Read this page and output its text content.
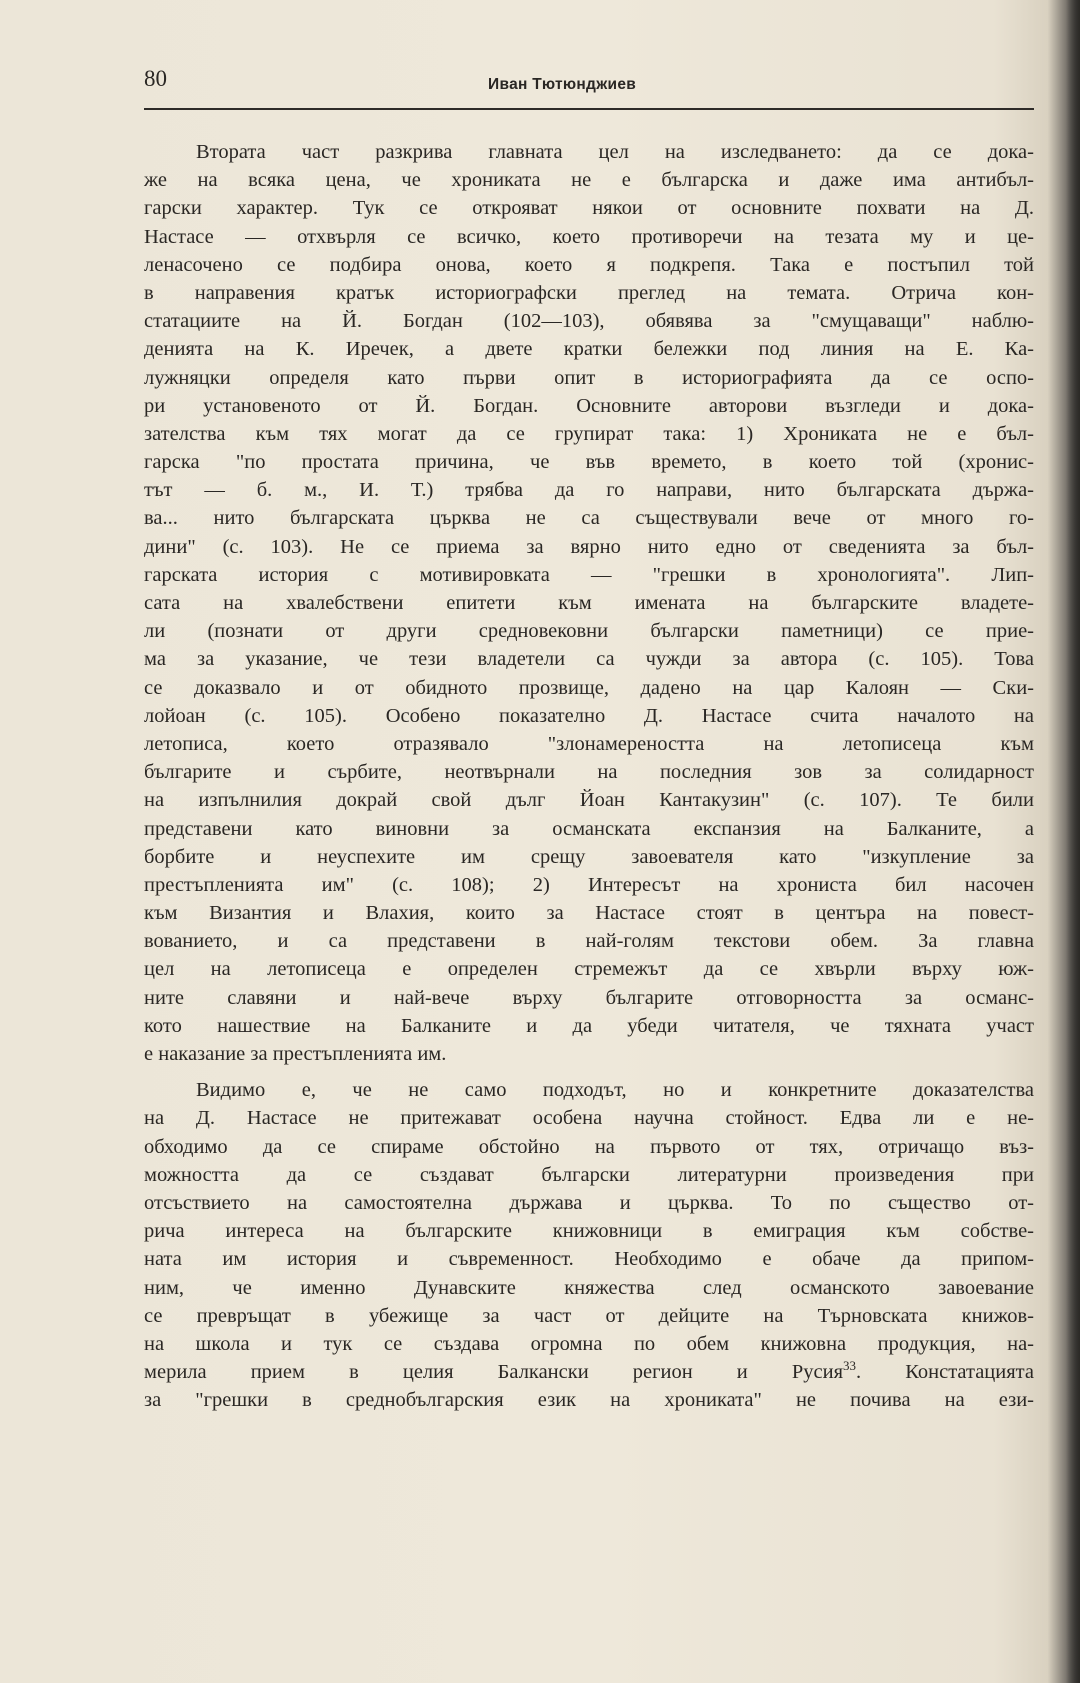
80	Иван Тютюнджиев
Втората част разкрива главната цел на изследването: да се дока-
же на всяка цена, че хрониката не е българска и даже има антибъл-
гарски характер. Тук се открояват някои от основните похвати на Д.
Настасе — отхвърля се всичко, което противоречи на тезата му и це-
ленасочено се подбира онова, което я подкрепя. Така е постъпил той
в направения кратък историографски преглед на темата. Отрича кон-
статациите на Й. Богдан (102—103), обявява за "смущаващи" наблю-
денията на К. Иречек, а двете кратки бележки под линия на Е. Ка-
лужняцки определя като първи опит в историографията да се оспо-
ри установеното от Й. Богдан. Основните авторови възгледи и дока-
зателства към тях могат да се групират така: 1) Хрониката не е бъл-
гарска "по простата причина, че във времето, в което той (хронис-
тът — б. м., И. Т.) трябва да го направи, нито българската държа-
ва... нито българската църква не са съществували вече от много го-
дини" (с. 103). Не се приема за вярно нито едно от сведенията за бъл-
гарската история с мотивировката — "грешки в хронологията". Лип-
сата на хвалебствени епитети към имената на българските владете-
ли (познати от други средновековни български паметници) се прие-
ма за указание, че тези владетели са чужди за автора (с. 105). Това
се доказвало и от обидното прозвище, дадено на цар Калоян — Ски-
лойоан (с. 105). Особено показателно Д. Настасе счита началото на
летописа, което отразявало "злонамереността на летописеца към
българите и сърбите, неотвърнали на последния зов за солидарност
на изпълнилия докрай свой дълг Йоан Кантакузин" (с. 107). Те били
представени като виновни за османската експанзия на Балканите, а
борбите и неуспехите им срещу завоевателя като "изкупление за
престъпленията им" (с. 108); 2) Интересът на хрониста бил насочен
към Византия и Влахия, които за Настасе стоят в центъра на повест-
вованието, и са представени в най-голям текстови обем. За главна
цел на летописеца е определен стремежът да се хвърли върху юж-
ните славяни и най-вече върху българите отговорността за османс-
кото нашествие на Балканите и да убеди читателя, че тяхната участ
е наказание за престъпленията им.
Видимо е, че не само подходът, но и конкретните доказателства
на Д. Настасе не притежават особена научна стойност. Едва ли е не-
обходимо да се спираме обстойно на първото от тях, отричащо въз-
можността да се създават български литературни произведения при
отсъствието на самостоятелна държава и църква. То по същество от-
рича интереса на българските книжовници в емиграция към собстве-
ната им история и съвременност. Необходимо е обаче да припом-
ним, че именно Дунавските княжества след османското завоевание
се превръщат в убежище за част от дейците на Търновската книжов-
на школа и тук се създава огромна по обем книжовна продукция, на-
мерила прием в целия Балкански регион и Русия$^{33}$. Констатацията
за "грешки в среднобългарския език на хрониката" не почива на ези-
